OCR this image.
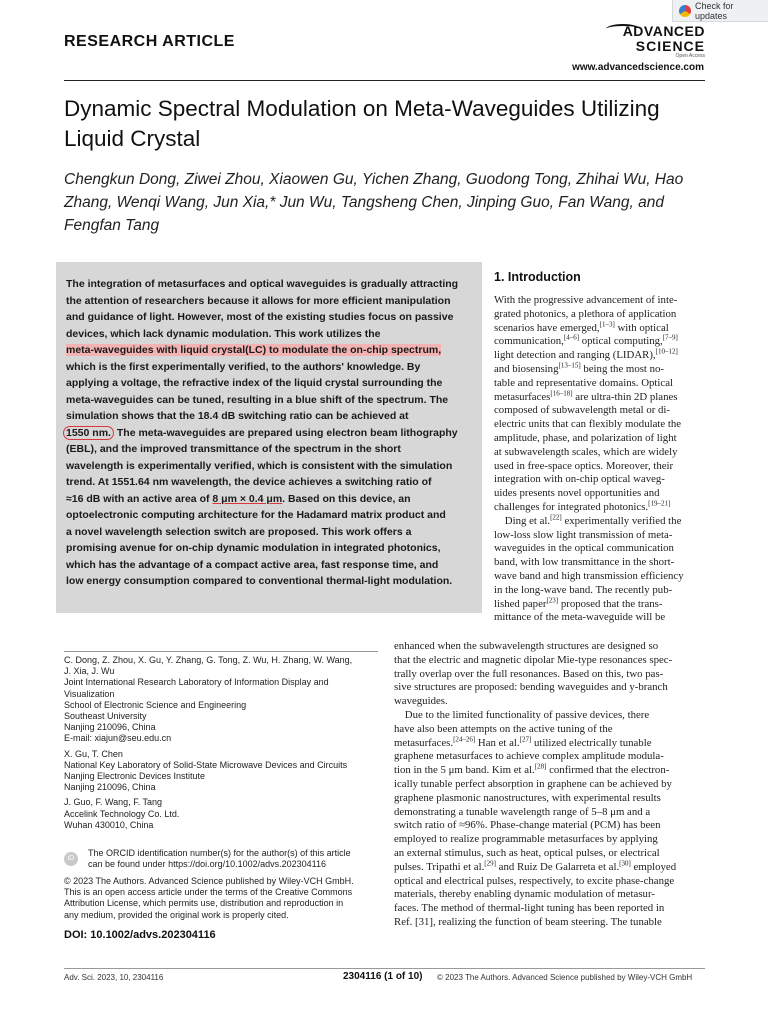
Check for updates
RESEARCH ARTICLE
ADVANCED
SCIENCE
Open Access
www.advancedscience.com
Dynamic Spectral Modulation on Meta-Waveguides Utilizing Liquid Crystal
Chengkun Dong, Ziwei Zhou, Xiaowen Gu, Yichen Zhang, Guodong Tong, Zhihai Wu, Hao Zhang, Wenqi Wang, Jun Xia,* Jun Wu, Tangsheng Chen, Jinping Guo, Fan Wang, and Fengfan Tang
The integration of metasurfaces and optical waveguides is gradually attracting
the attention of researchers because it allows for more efficient manipulation
and guidance of light. However, most of the existing studies focus on passive
devices, which lack dynamic modulation. This work utilizes the
meta-waveguides with liquid crystal(LC) to modulate the on-chip spectrum,
which is the first experimentally verified, to the authors' knowledge. By
applying a voltage, the refractive index of the liquid crystal surrounding the
meta-waveguides can be tuned, resulting in a blue shift of the spectrum. The
simulation shows that the 18.4 dB switching ratio can be achieved at
1550 nm. The meta-waveguides are prepared using electron beam lithography
(EBL), and the improved transmittance of the spectrum in the short
wavelength is experimentally verified, which is consistent with the simulation
trend. At 1551.64 nm wavelength, the device achieves a switching ratio of
≈16 dB with an active area of 8 μm × 0.4 μm. Based on this device, an
optoelectronic computing architecture for the Hadamard matrix product and
a novel wavelength selection switch are proposed. This work offers a
promising avenue for on-chip dynamic modulation in integrated photonics,
which has the advantage of a compact active area, fast response time, and
low energy consumption compared to conventional thermal-light modulation.
C. Dong, Z. Zhou, X. Gu, Y. Zhang, G. Tong, Z. Wu, H. Zhang, W. Wang,
J. Xia, J. Wu
Joint International Research Laboratory of Information Display and
Visualization
School of Electronic Science and Engineering
Southeast University
Nanjing 210096, China
E-mail: xiajun@seu.edu.cn
X. Gu, T. Chen
National Key Laboratory of Solid-State Microwave Devices and Circuits
Nanjing Electronic Devices Institute
Nanjing 210096, China
J. Guo, F. Wang, F. Tang
Accelink Technology Co. Ltd.
Wuhan 430010, China
iD
The ORCID identification number(s) for the author(s) of this article
can be found under https://doi.org/10.1002/advs.202304116
© 2023 The Authors. Advanced Science published by Wiley-VCH GmbH.
This is an open access article under the terms of the Creative Commons
Attribution License, which permits use, distribution and reproduction in
any medium, provided the original work is properly cited.
DOI: 10.1002/advs.202304116
1. Introduction
With the progressive advancement of inte-
grated photonics, a plethora of application
scenarios have emerged,[1–3] with optical
communication,[4–6] optical computing,[7–9]
light detection and ranging (LIDAR),[10–12]
and biosensing[13–15] being the most no-
table and representative domains. Optical
metasurfaces[16–18] are ultra-thin 2D planes
composed of subwavelength metal or di-
electric units that can flexibly modulate the
amplitude, phase, and polarization of light
at subwavelength scales, which are widely
used in free-space optics. Moreover, their
integration with on-chip optical waveg-
uides presents novel opportunities and
challenges for integrated photonics.[19–21]
Ding et al.[22] experimentally verified the
low-loss slow light transmission of meta-
waveguides in the optical communication
band, with low transmittance in the short-
wave band and high transmission efficiency
in the long-wave band. The recently pub-
lished paper[23] proposed that the trans-
mittance of the meta-waveguide will be
enhanced when the subwavelength structures are designed so
that the electric and magnetic dipolar Mie-type resonances spec-
trally overlap over the full resonances. Based on this, two pas-
sive structures are proposed: bending waveguides and y-branch
waveguides.
Due to the limited functionality of passive devices, there
have also been attempts on the active tuning of the
metasurfaces.[24–26] Han et al.[27] utilized electrically tunable
graphene metasurfaces to achieve complex amplitude modula-
tion in the 5 μm band. Kim et al.[28] confirmed that the electron-
ically tunable perfect absorption in graphene can be achieved by
graphene plasmonic nanostructures, with experimental results
demonstrating a tunable wavelength range of 5–8 μm and a
switch ratio of ≈96%. Phase-change material (PCM) has been
employed to realize programmable metasurfaces by applying
an external stimulus, such as heat, optical pulses, or electrical
pulses. Tripathi et al.[29] and Ruiz De Galarreta et al.[30] employed
optical and electrical pulses, respectively, to excite phase-change
materials, thereby enabling dynamic modulation of metasur-
faces. The method of thermal-light tuning has been reported in
Ref. [31], realizing the function of beam steering. The tunable
Adv. Sci. 2023, 10, 2304116	2304116 (1 of 10) © 2023 The Authors. Advanced Science published by Wiley-VCH GmbH
